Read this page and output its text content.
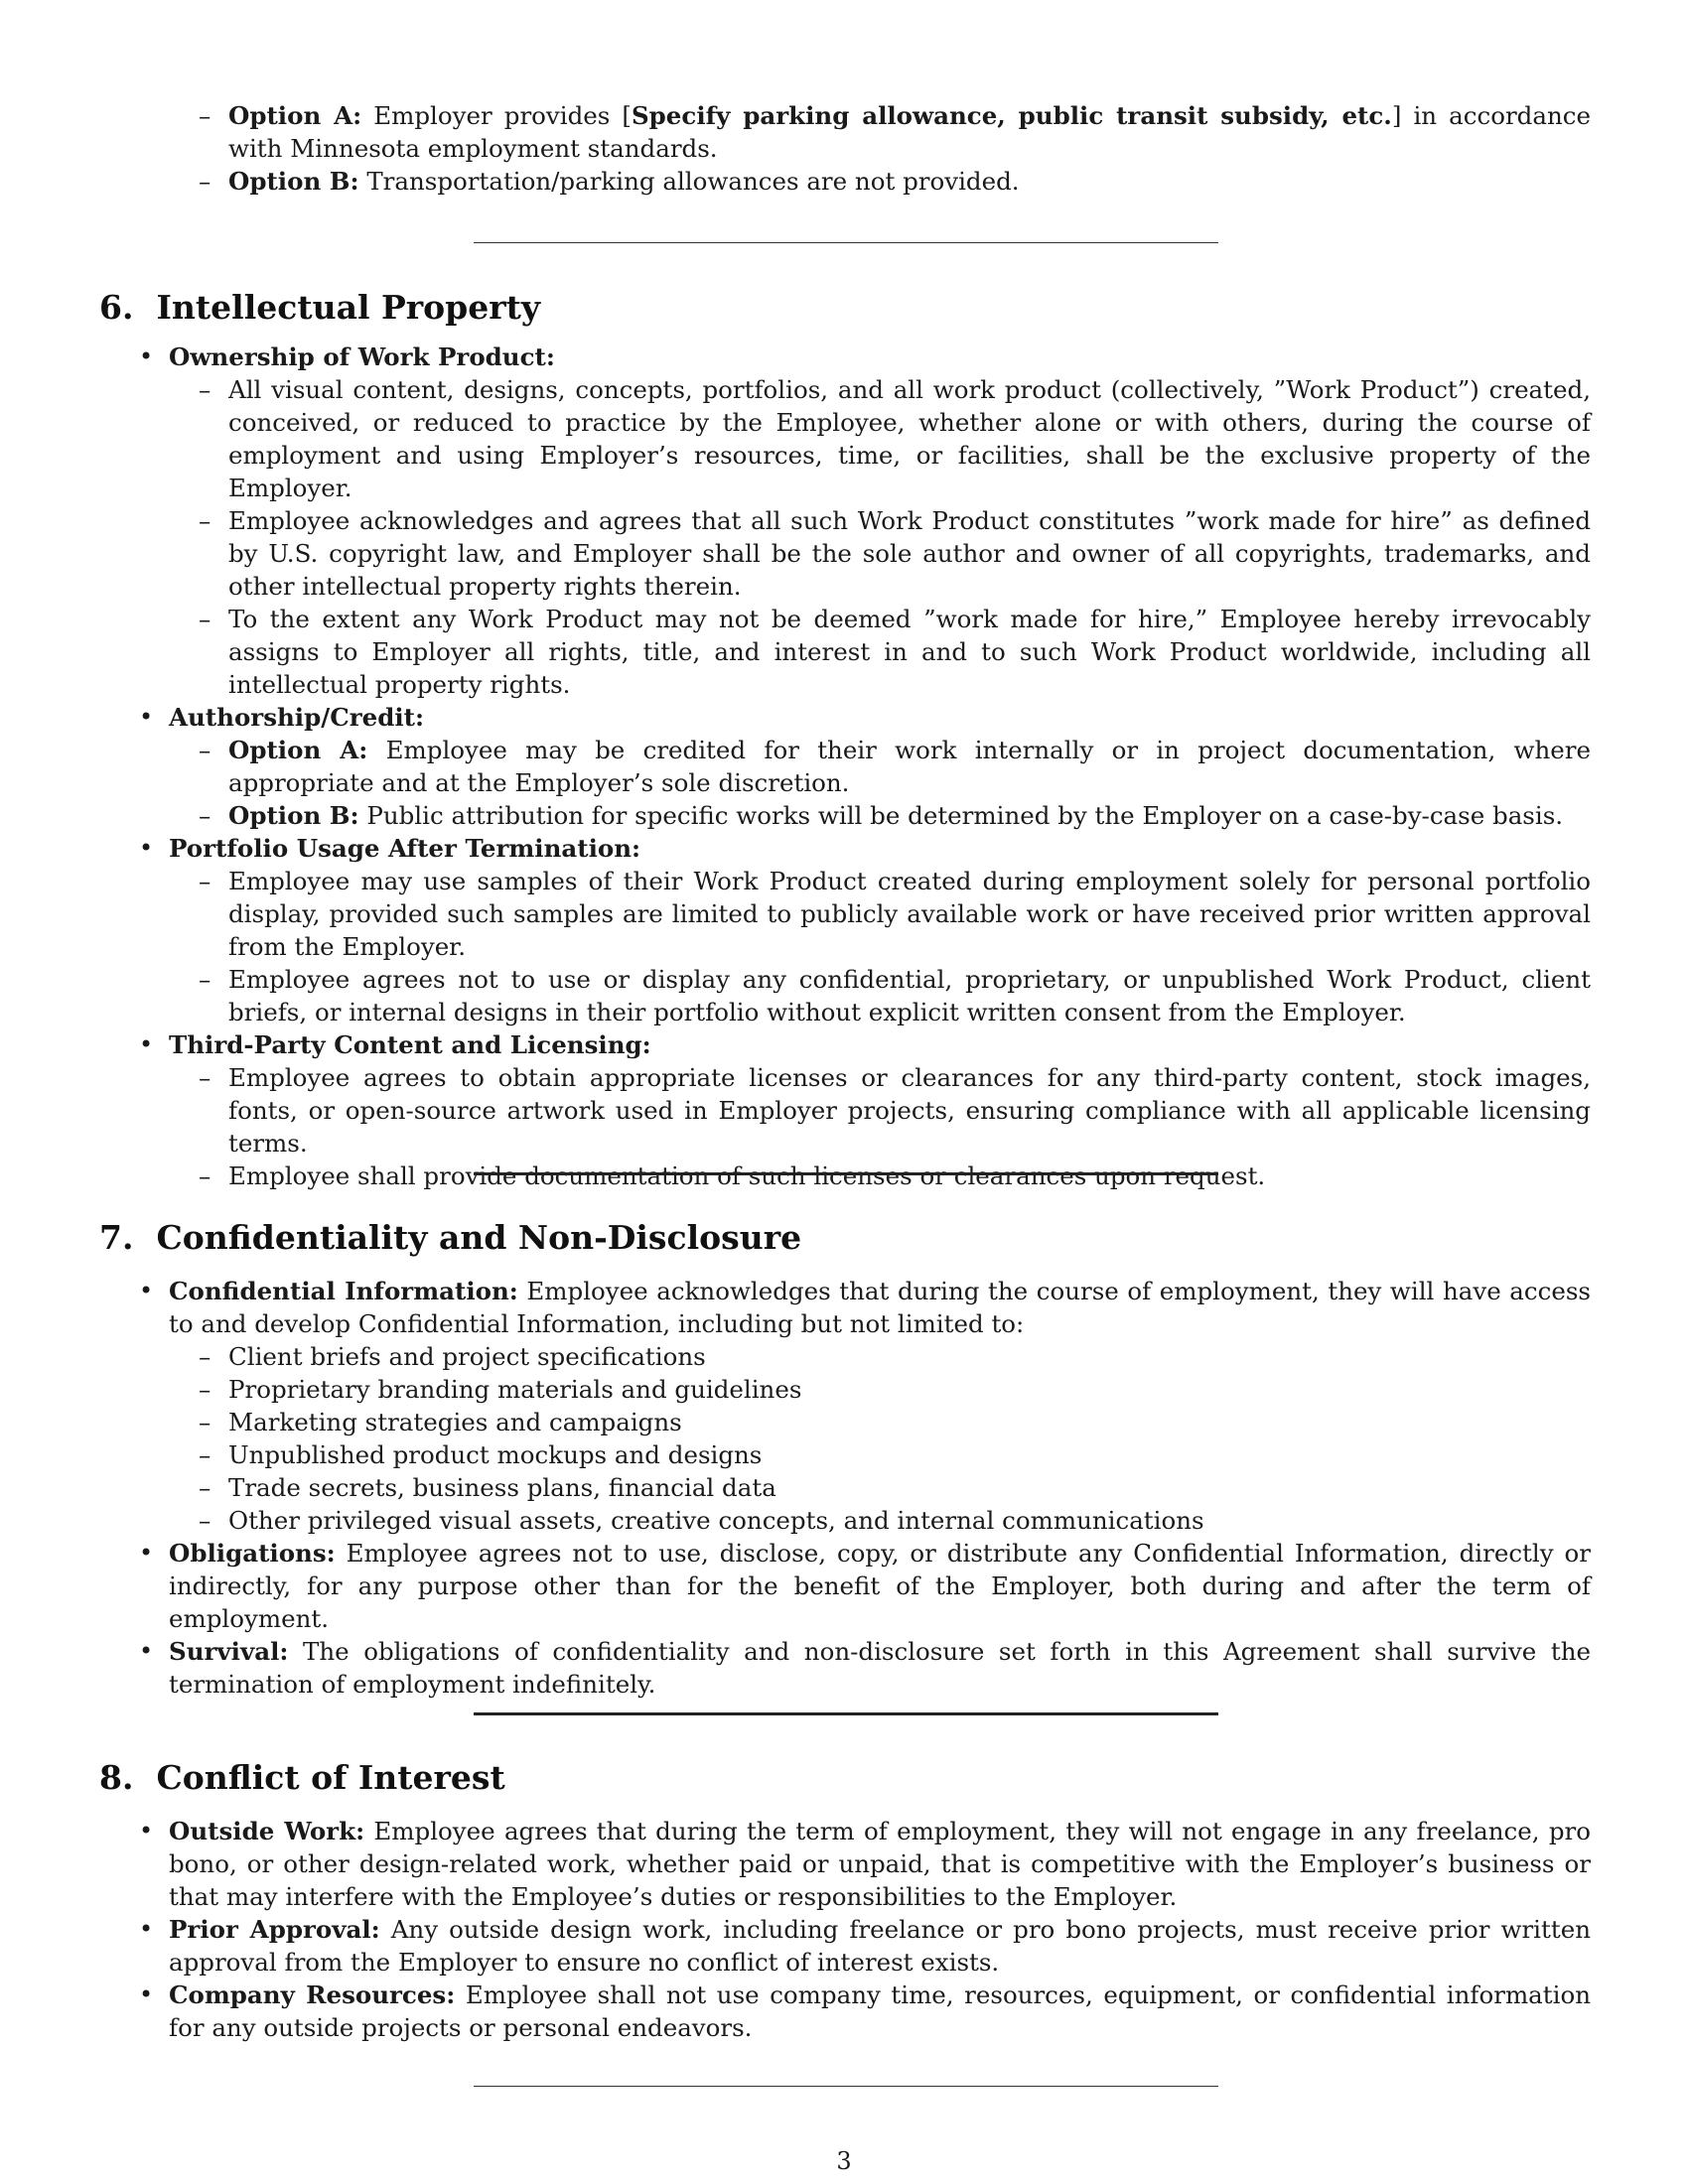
– Option A: Employer provides [Specify parking allowance, public transit subsidy, etc.] in accordance with Minnesota employment standards.
– Option B: Transportation/parking allowances are not provided.
6. Intellectual Property
• Ownership of Work Product:
– All visual content, designs, concepts, portfolios, and all work product (collectively, ”Work Product”) created, conceived, or reduced to practice by the Employee, whether alone or with others, during the course of employment and using Employer’s resources, time, or facilities, shall be the exclusive property of the Employer.
– Employee acknowledges and agrees that all such Work Product constitutes ”work made for hire” as defined by U.S. copyright law, and Employer shall be the sole author and owner of all copyrights, trademarks, and other intellectual property rights therein.
– To the extent any Work Product may not be deemed ”work made for hire,” Employee hereby irrevocably assigns to Employer all rights, title, and interest in and to such Work Product worldwide, including all intellectual property rights.
• Authorship/Credit:
– Option A: Employee may be credited for their work internally or in project documentation, where appropriate and at the Employer’s sole discretion.
– Option B: Public attribution for specific works will be determined by the Employer on a case-by-case basis.
• Portfolio Usage After Termination:
– Employee may use samples of their Work Product created during employment solely for personal portfolio display, provided such samples are limited to publicly available work or have received prior written approval from the Employer.
– Employee agrees not to use or display any confidential, proprietary, or unpublished Work Product, client briefs, or internal designs in their portfolio without explicit written consent from the Employer.
• Third-Party Content and Licensing:
– Employee agrees to obtain appropriate licenses or clearances for any third-party content, stock images, fonts, or open-source artwork used in Employer projects, ensuring compliance with all applicable licensing terms.
– Employee shall provide documentation of such licenses or clearances upon request.
7. Confidentiality and Non-Disclosure
• Confidential Information: Employee acknowledges that during the course of employment, they will have access to and develop Confidential Information, including but not limited to:
– Client briefs and project specifications
– Proprietary branding materials and guidelines
– Marketing strategies and campaigns
– Unpublished product mockups and designs
– Trade secrets, business plans, financial data
– Other privileged visual assets, creative concepts, and internal communications
• Obligations: Employee agrees not to use, disclose, copy, or distribute any Confidential Information, directly or indirectly, for any purpose other than for the benefit of the Employer, both during and after the term of employment.
• Survival: The obligations of confidentiality and non-disclosure set forth in this Agreement shall survive the termination of employment indefinitely.
8. Conflict of Interest
• Outside Work: Employee agrees that during the term of employment, they will not engage in any freelance, pro bono, or other design-related work, whether paid or unpaid, that is competitive with the Employer’s business or that may interfere with the Employee’s duties or responsibilities to the Employer.
• Prior Approval: Any outside design work, including freelance or pro bono projects, must receive prior written approval from the Employer to ensure no conflict of interest exists.
• Company Resources: Employee shall not use company time, resources, equipment, or confidential information for any outside projects or personal endeavors.
3
